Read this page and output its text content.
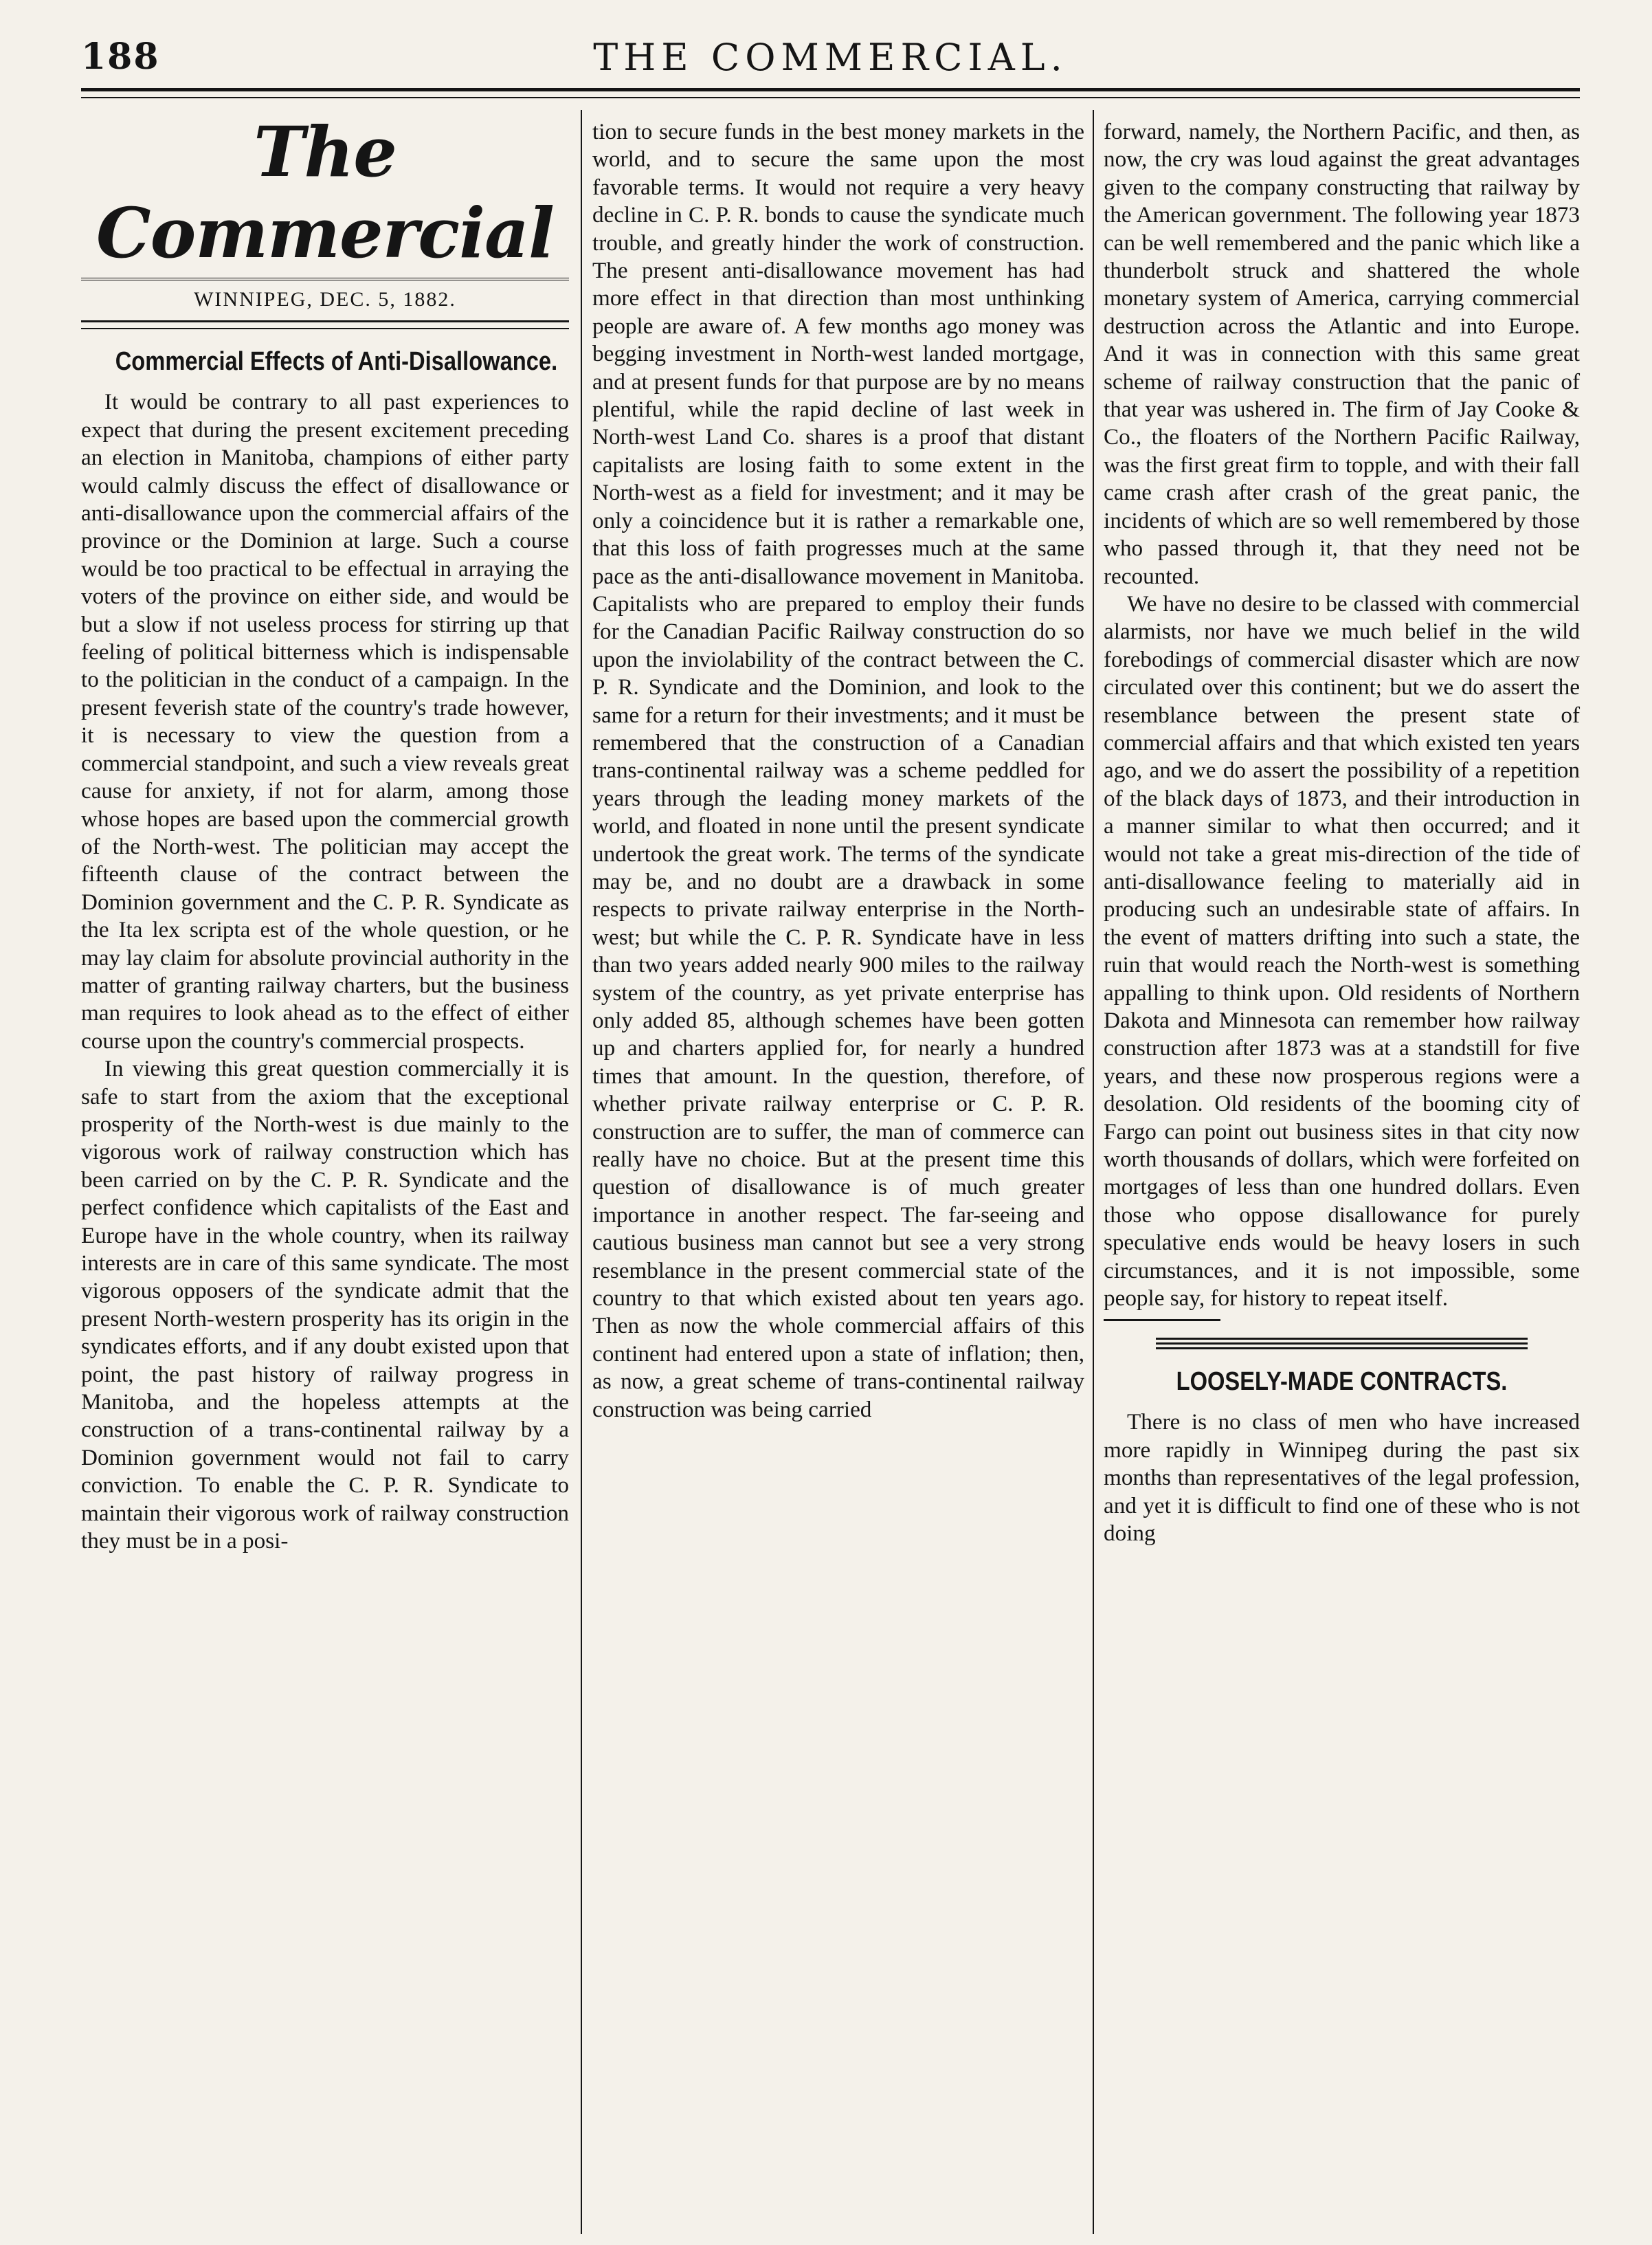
188	THE COMMERCIAL.
The Commercial
WINNIPEG, DEC. 5, 1882.
Commercial Effects of Anti-Disallowance.

It would be contrary to all past experiences to expect that during the present excitement preceding an election in Manitoba, champions of either party would calmly discuss the effect of disallowance or anti-disallowance upon the commercial affairs of the province or the Dominion at large. Such a course would be too practical to be effectual in arraying the voters of the province on either side, and would be but a slow if not useless process for stirring up that feeling of political bitterness which is indispensable to the politician in the conduct of a campaign. In the present feverish state of the country's trade however, it is necessary to view the question from a commercial standpoint, and such a view reveals great cause for anxiety, if not for alarm, among those whose hopes are based upon the commercial growth of the North-west. The politician may accept the fifteenth clause of the contract between the Dominion government and the C. P. R. Syndicate as the Ita lex scripta est of the whole question, or he may lay claim for absolute provincial authority in the matter of granting railway charters, but the business man requires to look ahead as to the effect of either course upon the country's commercial prospects.

In viewing this great question commercially it is safe to start from the axiom that the exceptional prosperity of the North-west is due mainly to the vigorous work of railway construction which has been carried on by the C. P. R. Syndicate and the perfect confidence which capitalists of the East and Europe have in the whole country, when its railway interests are in care of this same syndicate. The most vigorous opposers of the syndicate admit that the present North-western prosperity has its origin in the syndicates efforts, and if any doubt existed upon that point, the past history of railway progress in Manitoba, and the hopeless attempts at the construction of a trans-continental railway by a Dominion government would not fail to carry conviction. To enable the C. P. R. Syndicate to maintain their vigorous work of railway construction they must be in a posi-

tion to secure funds in the best money markets in the world, and to secure the same upon the most favorable terms. It would not require a very heavy decline in C. P. R. bonds to cause the syndicate much trouble, and greatly hinder the work of construction. The present anti-disallowance movement has had more effect in that direction than most unthinking people are aware of. A few months ago money was begging investment in North-west landed mortgage, and at present funds for that purpose are by no means plentiful, while the rapid decline of last week in North-west Land Co. shares is a proof that distant capitalists are losing faith to some extent in the North-west as a field for investment; and it may be only a coincidence but it is rather a remarkable one, that this loss of faith progresses much at the same pace as the anti-disallowance movement in Manitoba. Capitalists who are prepared to employ their funds for the Canadian Pacific Railway construction do so upon the inviolability of the contract between the C. P. R. Syndicate and the Dominion, and look to the same for a return for their investments; and it must be remembered that the construction of a Canadian trans-continental railway was a scheme peddled for years through the leading money markets of the world, and floated in none until the present syndicate undertook the great work. The terms of the syndicate may be, and no doubt are a drawback in some respects to private railway enterprise in the North-west; but while the C. P. R. Syndicate have in less than two years added nearly 900 miles to the railway system of the country, as yet private enterprise has only added 85, although schemes have been gotten up and charters applied for, for nearly a hundred times that amount. In the question, therefore, of whether private railway enterprise or C. P. R. construction are to suffer, the man of commerce can really have no choice. But at the present time this question of disallowance is of much greater importance in another respect. The far-seeing and cautious business man cannot but see a very strong resemblance in the present commercial state of the country to that which existed about ten years ago. Then as now the whole commercial affairs of this continent had entered upon a state of inflation; then, as now, a great scheme of trans-continental railway construction was being carried

forward, namely, the Northern Pacific, and then, as now, the cry was loud against the great advantages given to the company constructing that railway by the American government. The following year 1873 can be well remembered and the panic which like a thunderbolt struck and shattered the whole monetary system of America, carrying commercial destruction across the Atlantic and into Europe. And it was in connection with this same great scheme of railway construction that the panic of that year was ushered in. The firm of Jay Cooke & Co., the floaters of the Northern Pacific Railway, was the first great firm to topple, and with their fall came crash after crash of the great panic, the incidents of which are so well remembered by those who passed through it, that they need not be recounted.

We have no desire to be classed with commercial alarmists, nor have we much belief in the wild forebodings of commercial disaster which are now circulated over this continent; but we do assert the resemblance between the present state of commercial affairs and that which existed ten years ago, and we do assert the possibility of a repetition of the black days of 1873, and their introduction in a manner similar to what then occurred; and it would not take a great mis-direction of the tide of anti-disallowance feeling to materially aid in producing such an undesirable state of affairs. In the event of matters drifting into such a state, the ruin that would reach the North-west is something appalling to think upon. Old residents of Northern Dakota and Minnesota can remember how railway construction after 1873 was at a standstill for five years, and these now prosperous regions were a desolation. Old residents of the booming city of Fargo can point out business sites in that city now worth thousands of dollars, which were forfeited on mortgages of less than one hundred dollars. Even those who oppose disallowance for purely speculative ends would be heavy losers in such circumstances, and it is not impossible, some people say, for history to repeat itself.

LOOSELY-MADE CONTRACTS.

There is no class of men who have increased more rapidly in Winnipeg during the past six months than representatives of the legal profession, and yet it is difficult to find one of these who is not doing
